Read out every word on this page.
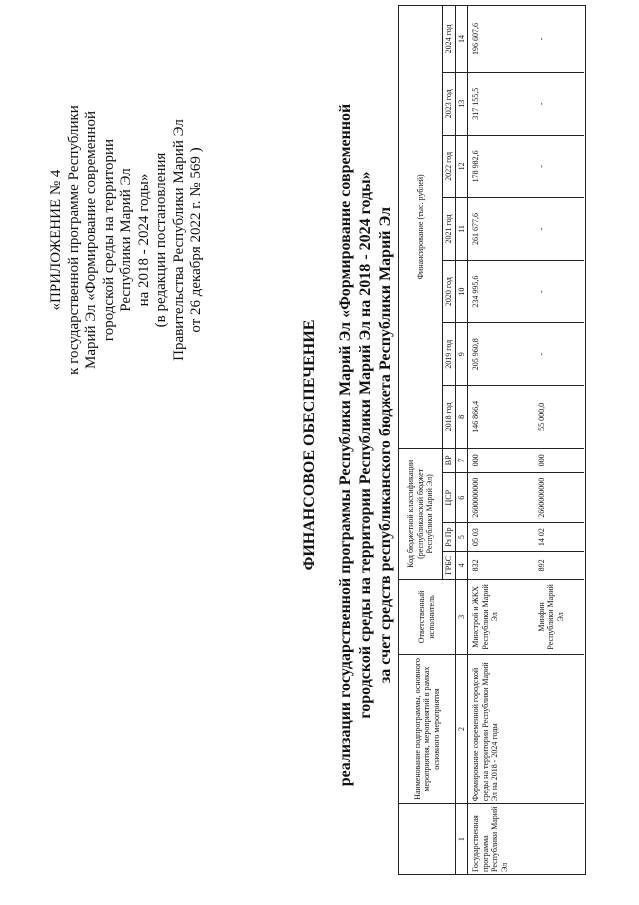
«ПРИЛОЖЕНИЕ № 4 к государственной программе Республики Марий Эл «Формирование современной городской среды на территории Республики Марий Эл на 2018 - 2024 годы» (в редакции постановления Правительства Республики Марий Эл от 26 декабря 2022 г. № 569 )
ФИНАНСОВОЕ ОБЕСПЕЧЕНИЕ реализации государственной программы Республики Марий Эл «Формирование современной городской среды на территории Республики Марий Эл на 2018 - 2024 годы» за счет средств республиканского бюджета Республики Марий Эл
	Наименование подпрограммы, основного мероприятия, мероприятий в рамках основного мероприятия	Ответственный исполнитель	Код бюджетной классификации (республиканский бюджет Республики Марий Эл)				Финансирование (тыс. рублей)						
			ГРБС	Рз Пр	ЦСР	ВР	2018 год	2019 год	2020 год	2021 год	2022 год	2023 год	2024 год
1	2	3	4	5	6	7	8	9	10	11	12	13	14
Государственная программа Республики Марий Эл	Формирование современной городской среды на территории Республики Марий Эл на 2018 - 2024 годы	Минстрой и ЖКХ Республики Марий Эл	832	05 03	2600000000	000	146 866,4	205 960,8	234 995,6	261 677,6	178 982,6	317 155,5	196 607,6
		Минфин Республики Марий Эл	892	14 02	2600000000	000	55 000,0	-	-	-	-	-	-
